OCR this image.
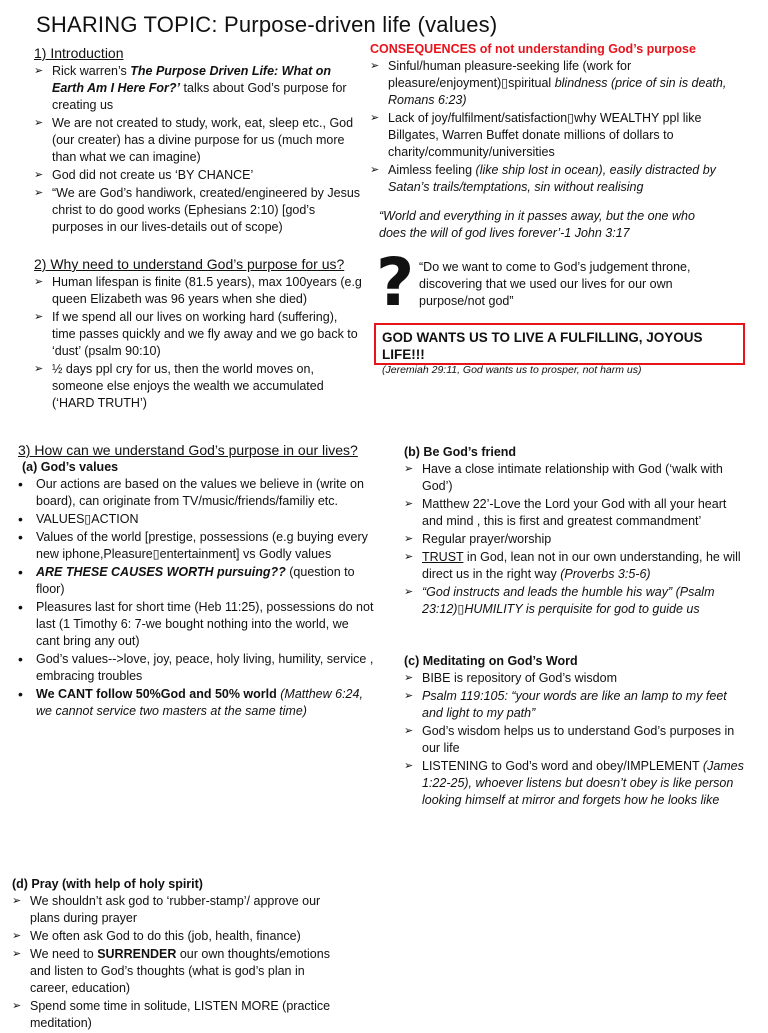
SHARING TOPIC: Purpose-driven life (values)
1) Introduction
➢ Rick warren’s The Purpose Driven Life: What on Earth Am I Here For?’ talks about God’s purpose for creating us
➢ We are not created to study, work, eat, sleep etc., God (our creater) has a divine purpose for us (much more than what we can imagine)
➢ God did not create us ‘BY CHANCE’
➢ “We are God’s handiwork, created/engineered by Jesus christ to do good works (Ephesians 2:10) [god’s purposes in our lives-details out of scope)
2) Why need to understand God’s purpose for us?
➢ Human lifespan is finite (81.5 years), max 100years (e.g queen Elizabeth was 96 years when she died)
➢ If we spend all our lives on working hard (suffering), time passes quickly and we fly away and we go back to ‘dust’ (psalm 90:10)
➢ ½ days ppl cry for us, then the world moves on, someone else enjoys the wealth we accumulated (‘HARD TRUTH’)
CONSEQUENCES of not understanding God’s purpose
➢ Sinful/human pleasure-seeking life (work for pleasure/enjoyment)▯spiritual blindness (price of sin is death, Romans 6:23)
➢ Lack of joy/fulfilment/satisfaction▯why WEALTHY ppl like Billgates, Warren Buffet donate millions of dollars to charity/community/universities
➢ Aimless feeling (like ship lost in ocean), easily distracted by Satan’s trails/temptations, sin without realising
“World and everything in it passes away, but the one who does the will of god lives forever’-1 John 3:17
? “Do we want to come to God’s judgement throne, discovering that we used our lives for our own purpose/not god”
GOD WANTS US TO LIVE A FULFILLING, JOYOUS LIFE!!!
(Jeremiah 29:11, God wants us to prosper, not harm us)
3) How can we understand God’s purpose in our lives?
(a) God’s values
•	Our actions are based on the values we believe in (write on board), can originate from TV/music/friends/familiy etc.
•	VALUES▯ACTION
•	Values of the world [prestige, possessions (e.g buying every new iphone,Pleasure▯entertainment] vs Godly values
•	ARE THESE CAUSES WORTH pursuing?? (question to floor)
•	Pleasures last for short time (Heb 11:25), possessions do not last (1 Timothy 6: 7-we bought nothing into the world, we cant bring any out)
•	God’s values-->love, joy, peace, holy living, humility, service , embracing troubles
•	We CANT follow 50%God and 50% world (Matthew 6:24, we cannot service two masters at the same time)
(b) Be God’s friend
➢ Have a close intimate relationship with God (‘walk with God’)
➢ Matthew 22’-Love the Lord your God with all your heart and mind , this is first and greatest commandment’
➢ Regular prayer/worship
➢ TRUST in God, lean not in our own understanding, he will direct us in the right way (Proverbs 3:5-6)
➢ “God instructs and leads the humble his way” (Psalm 23:12)▯HUMILITY is perquisite for god to guide us
(c) Meditating on God’s Word
➢ BIBE is repository of God’s wisdom
➢ Psalm 119:105: “your words are like an lamp to my feet and light to my path”
➢ God’s wisdom helps us to understand God’s purposes in our life
➢ LISTENING to God’s word and obey/IMPLEMENT (James 1:22-25), whoever listens but doesn’t obey is like person looking himself at mirror and forgets how he looks like
(d) Pray (with help of holy spirit)
➢ We shouldn’t ask god to ‘rubber-stamp’/ approve our plans during prayer
➢ We often ask God to do this (job, health, finance)
➢ We need to SURRENDER our own thoughts/emotions and listen to God’s thoughts (what is god’s plan in career, education)
➢ Spend some time in solitude, LISTEN MORE (practice meditation)
